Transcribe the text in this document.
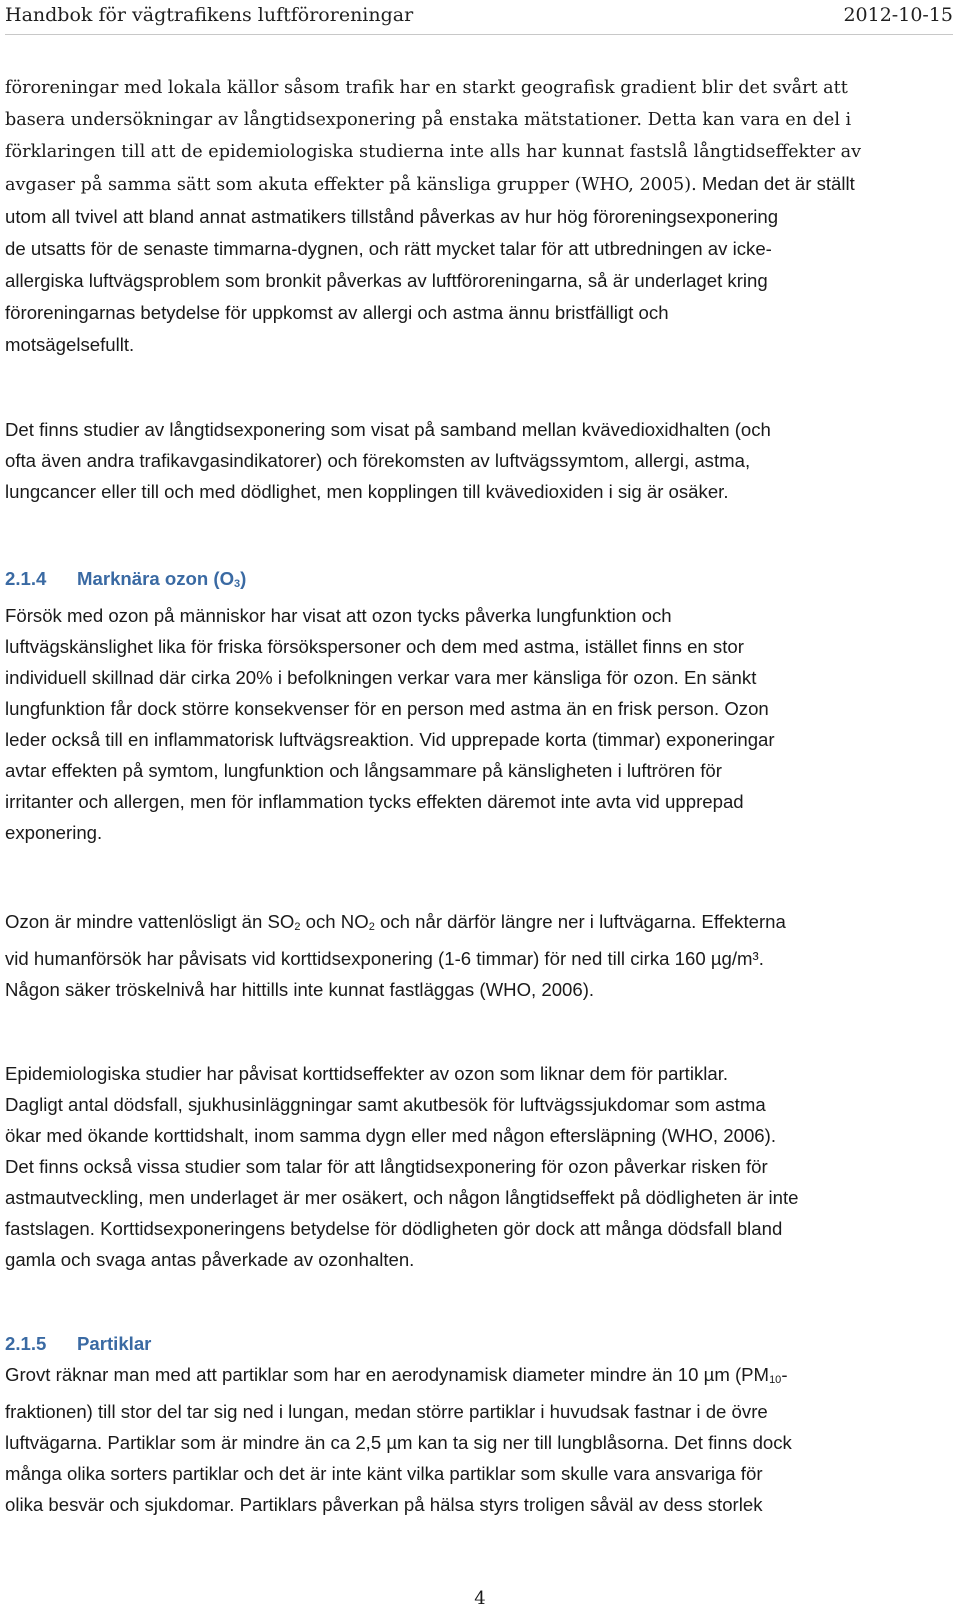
Handbok för vägtrafikens luftföroreningar	2012-10-15

föroreningar med lokala källor såsom trafik har en starkt geografisk gradient blir det svårt att
basera undersökningar av långtidsexponering på enstaka mätstationer. Detta kan vara en del i
förklaringen till att de epidemiologiska studierna inte alls har kunnat fastslå långtidseffekter av
avgaser på samma sätt som akuta effekter på känsliga grupper (WHO, 2005). Medan det är ställt
utom all tvivel att bland annat astmatikers tillstånd påverkas av hur hög föroreningsexponering
de utsatts för de senaste timmarna-dygnen, och rätt mycket talar för att utbredningen av icke-
allergiska luftvägsproblem som bronkit påverkas av luftföroreningarna, så är underlaget kring
föroreningarnas betydelse för uppkomst av allergi och astma ännu bristfälligt och
motsägelsefullt.

Det finns studier av långtidsexponering som visat på samband mellan kvävedioxidhalten (och
ofta även andra trafikavgasindikatorer) och förekomsten av luftvägssymtom, allergi, astma,
lungcancer eller till och med dödlighet, men kopplingen till kvävedioxiden i sig är osäker.

2.1.4 Marknära ozon $(O_3)$

Försök med ozon på människor har visat att ozon tycks påverka lungfunktion och
luftvägskänslighet lika för friska försökspersoner och dem med astma, istället finns en stor
individuell skillnad där cirka 20% i befolkningen verkar vara mer känsliga för ozon. En sänkt
lungfunktion får dock större konsekvenser för en person med astma än en frisk person. Ozon
leder också till en inflammatorisk luftvägsreaktion. Vid upprepade korta (timmar) exponeringar
avtar effekten på symtom, lungfunktion och långsammare på känsligheten i luftrören för
irritanter och allergen, men för inflammation tycks effekten däremot inte avta vid upprepad
exponering.

Ozon är mindre vattenlösligt än $SO_2$ och $NO_2$ och når därför längre ner i luftvägarna. Effekterna
vid humanförsök har påvisats vid korttidsexponering (1-6 timmar) för ned till cirka 160 µg/m³.
Någon säker tröskelnivå har hittills inte kunnat fastläggas (WHO, 2006).

Epidemiologiska studier har påvisat korttidseffekter av ozon som liknar dem för partiklar.
Dagligt antal dödsfall, sjukhusinläggningar samt akutbesök för luftvägssjukdomar som astma
ökar med ökande korttidshalt, inom samma dygn eller med någon eftersläpning (WHO, 2006).
Det finns också vissa studier som talar för att långtidsexponering för ozon påverkar risken för
astmautveckling, men underlaget är mer osäkert, och någon långtidseffekt på dödligheten är inte
fastslagen. Korttidsexponeringens betydelse för dödligheten gör dock att många dödsfall bland
gamla och svaga antas påverkade av ozonhalten.

2.1.5 Partiklar

Grovt räknar man med att partiklar som har en aerodynamisk diameter mindre än 10 µm ($PM_{10}-$
fraktionen) till stor del tar sig ned i lungan, medan större partiklar i huvudsak fastnar i de övre
luftvägarna. Partiklar som är mindre än ca 2,5 µm kan ta sig ner till lungblåsorna. Det finns dock
många olika sorters partiklar och det är inte känt vilka partiklar som skulle vara ansvariga för
olika besvär och sjukdomar. Partiklars påverkan på hälsa styrs troligen såväl av dess storlek

4
